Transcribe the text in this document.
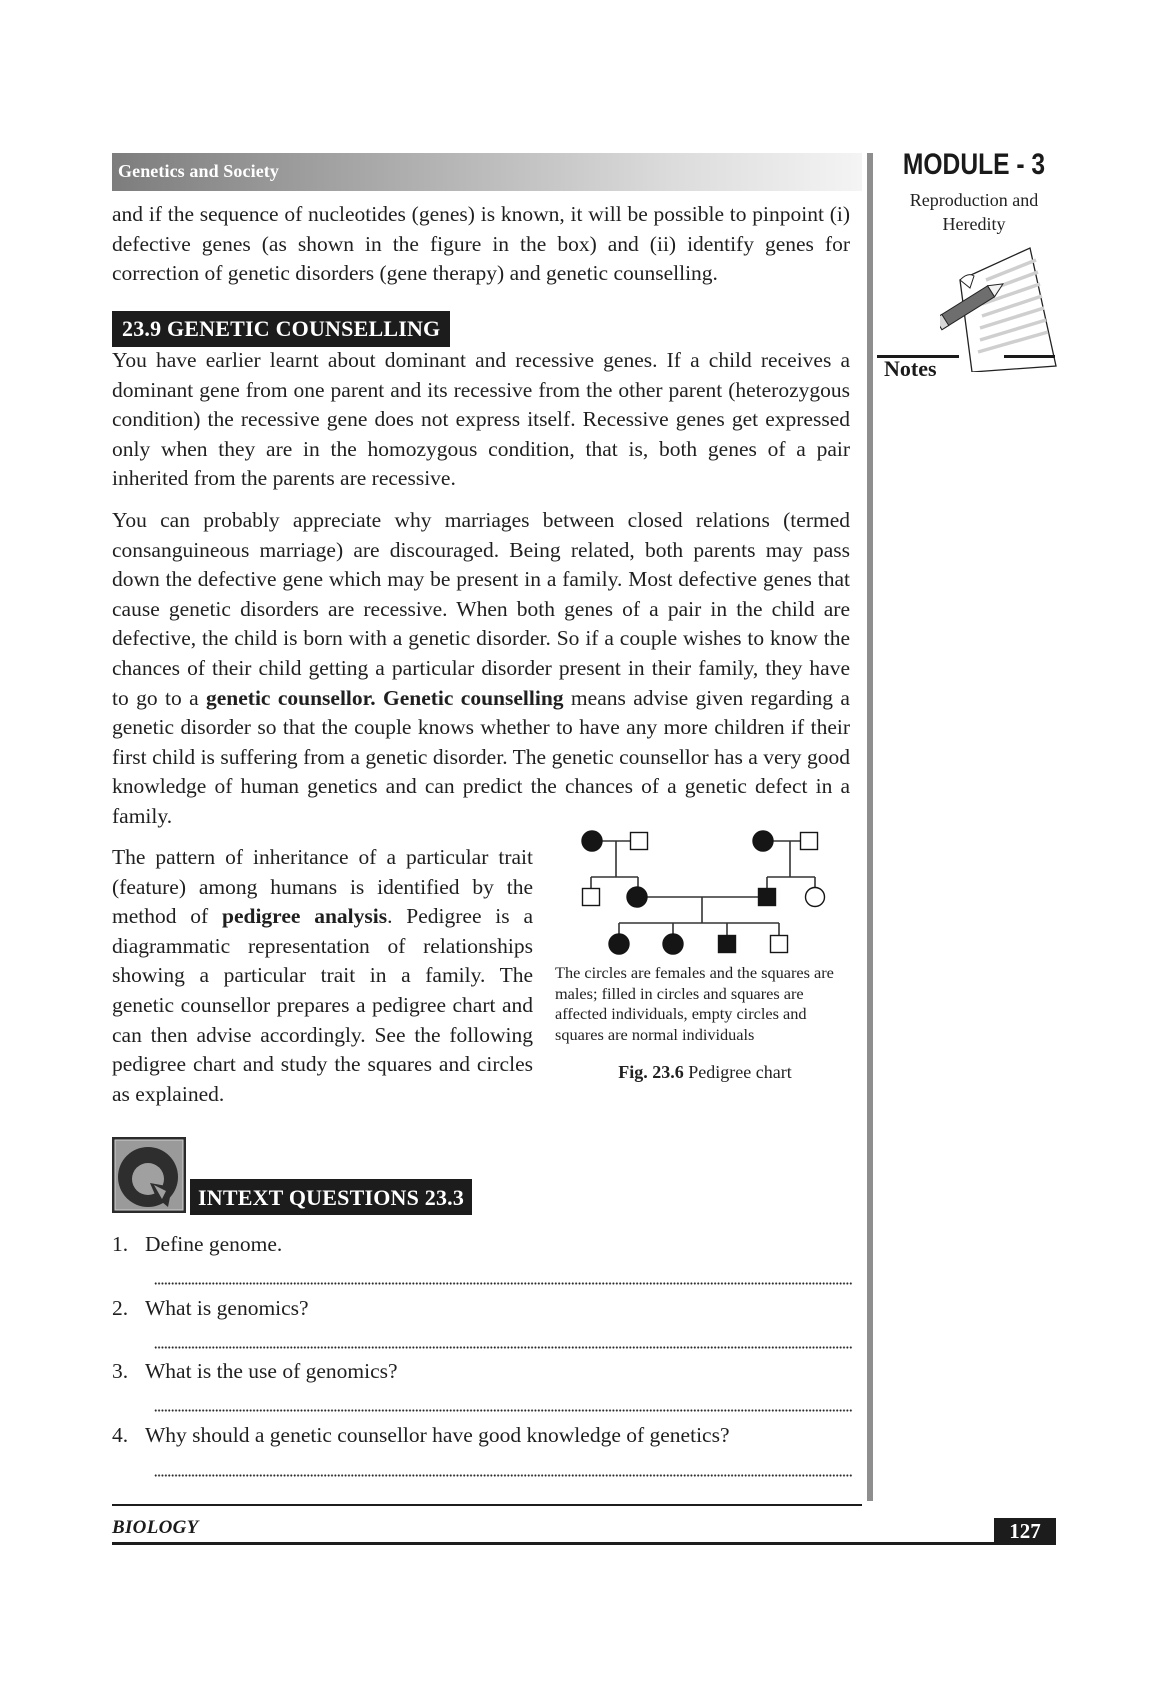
Genetics and Society	MODULE - 3
Reproduction and
Heredity
Notes

and if the sequence of nucleotides (genes) is known, it will be possible to pinpoint (i) defective genes (as shown in the figure in the box) and (ii) identify genes for correction of genetic disorders (gene therapy) and genetic counselling.

23.9 GENETIC COUNSELLING

You have earlier learnt about dominant and recessive genes. If a child receives a dominant gene from one parent and its recessive from the other parent (heterozygous condition) the recessive gene does not express itself. Recessive genes get expressed only when they are in the homozygous condition, that is, both genes of a pair inherited from the parents are recessive.

You can probably appreciate why marriages between closed relations (termed consanguineous marriage) are discouraged. Being related, both parents may pass down the defective gene which may be present in a family. Most defective genes that cause genetic disorders are recessive. When both genes of a pair in the child are defective, the child is born with a genetic disorder. So if a couple wishes to know the chances of their child getting a particular disorder present in their family, they have to go to a genetic counsellor. Genetic counselling means advise given regarding a genetic disorder so that the couple knows whether to have any more children if their first child is suffering from a genetic disorder. The genetic counsellor has a very good knowledge of human genetics and can predict the chances of a genetic defect in a family.

The pattern of inheritance of a particular trait (feature) among humans is identified by the method of pedigree analysis. Pedigree is a diagrammatic representation of relationships showing a particular trait in a family. The genetic counsellor prepares a pedigree chart and can then advise accordingly. See the following pedigree chart and study the squares and circles as explained.

The circles are females and the squares are males; filled in circles and squares are affected individuals, empty circles and squares are normal individuals
Fig. 23.6 Pedigree chart
INTEXT QUESTIONS 23.3
1. Define genome.
2. What is genomics?
3. What is the use of genomics?
4. Why should a genetic counsellor have good knowledge of genetics?
BIOLOGY	127
